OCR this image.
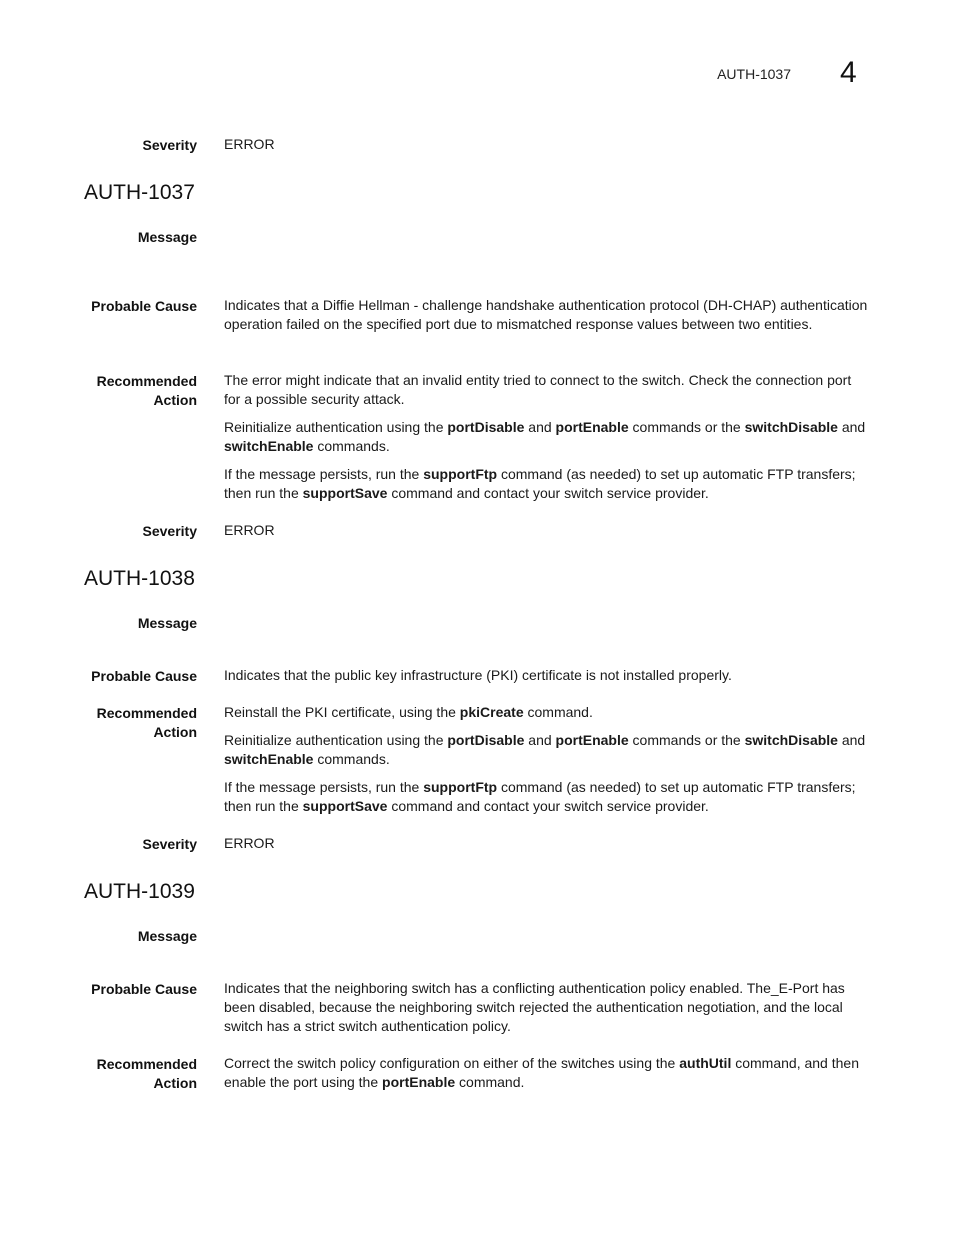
AUTH-1037 4
Severity ERROR
AUTH-1037
Message
Probable Cause Indicates that a Diffie Hellman - challenge handshake authentication protocol (DH-CHAP) authentication operation failed on the specified port due to mismatched response values between two entities.

Recommended
Action

The error might indicate that an invalid entity tried to connect to the switch. Check the connection port for a possible security attack.

Reinitialize authentication using the portDisable and portEnable commands or the switchDisable and switchEnable commands.

If the message persists, run the supportFtp command (as needed) to set up automatic FTP transfers; then run the supportSave command and contact your switch service provider.

Severity ERROR
AUTH-1038
Message
Probable Cause Indicates that the public key infrastructure (PKI) certificate is not installed properly.

Recommended
Action

Reinstall the PKI certificate, using the pkiCreate command.

Reinitialize authentication using the portDisable and portEnable commands or the switchDisable and switchEnable commands.

If the message persists, run the supportFtp command (as needed) to set up automatic FTP transfers; then run the supportSave command and contact your switch service provider.

Severity ERROR
AUTH-1039
Message
Probable Cause Indicates that the neighboring switch has a conflicting authentication policy enabled. The_E-Port has been disabled, because the neighboring switch rejected the authentication negotiation, and the local switch has a strict switch authentication policy.

Recommended
Action

Correct the switch policy configuration on either of the switches using the authUtil command, and then enable the port using the portEnable command.
